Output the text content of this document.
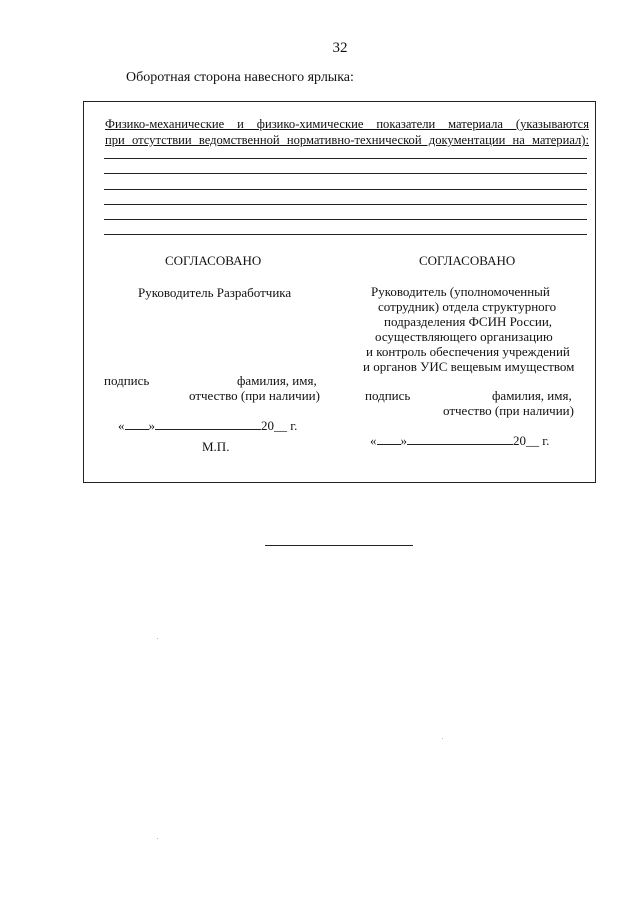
32
Оборотная сторона навесного ярлыка:
Физико-механические и физико-химические показатели материала (указываются
при отсутствии ведомственной нормативно-технической документации на материал):
СОГЛАСОВАНО
Руководитель Разработчика
подпись	фамилия, имя,
отчество (при наличии)
« »	20__ г.
М.П.
СОГЛАСОВАНО
Руководитель (уполномоченный
сотрудник) отдела структурного
подразделения ФСИН России,
осуществляющего организацию
и контроль обеспечения учреждений
и органов УИС вещевым имуществом
подпись	фамилия, имя,
отчество (при наличии)
« »	20__ г.
